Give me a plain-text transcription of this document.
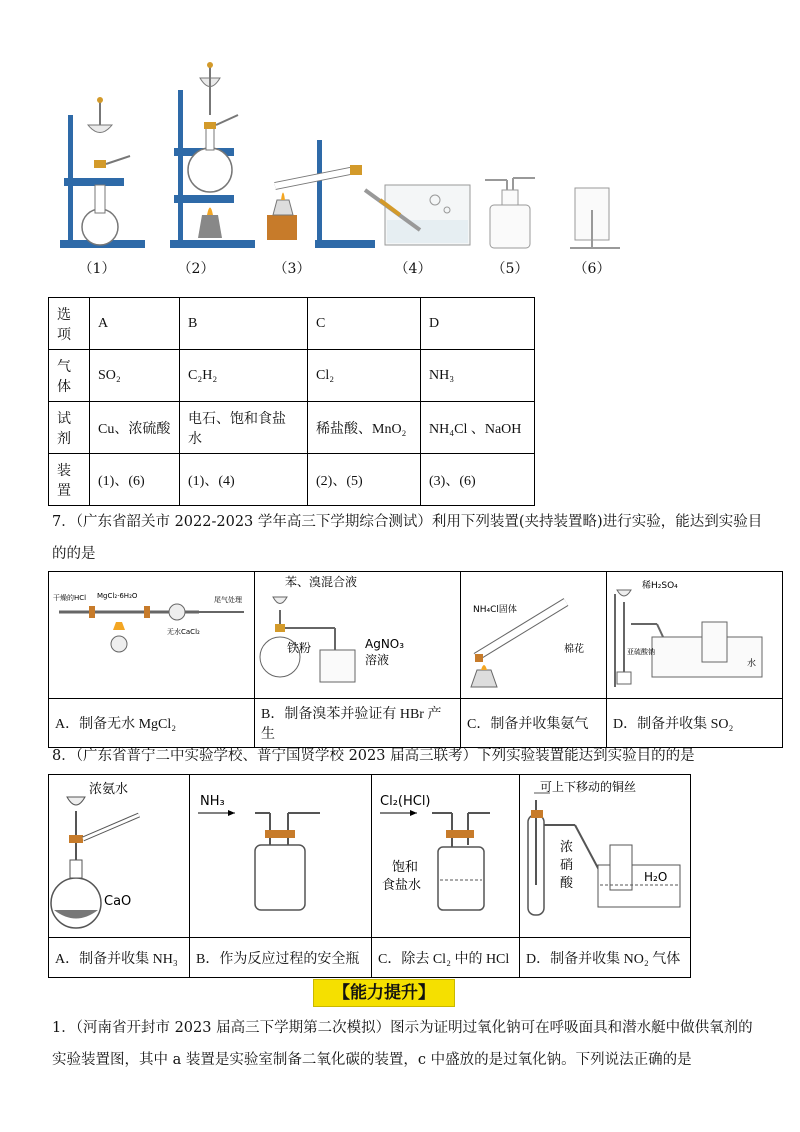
（1）	（2）	（3）	（4）	（5）	（6）
选项	A	B	C	D
气体	SO₂	C₂H₂	Cl₂	NH₃
试剂	Cu、浓硫酸	电石、饱和食盐水	稀盐酸、MnO₂	NH₄Cl 、NaOH
装置	(1)、(6)	(1)、(4)	(2)、(5)	(3)、(6)
7．（广东省韶关市 2022-2023 学年高三下学期综合测试）利用下列装置(夹持装置略)进行实验，能达到实验目
的的是
干燥的HCl MgCl₂·6H₂O
无水CaCl₂
尾气处理	苯、溴混合液
铁粉 AgNO₃
溶液	NH₄Cl固体
棉花	稀H₂SO₄
亚硫酸钠
水

A．制备无水 MgCl₂	B．制备溴苯并验证有 HBr 产生	C．制备并收集氨气	D．制备并收集 SO₂
8．（广东省普宁二中实验学校、普宁国贤学校 2023 届高三联考）下列实验装置能达到实验目的的是
浓氨水
CaO	NH₃	Cl₂(HCl)
饱和
食盐水	可上下移动的铜丝
浓
硝
酸 H₂O

A．制备并收集 NH₃	B．作为反应过程的安全瓶	C．除去 Cl₂ 中的 HCl	D．制备并收集 NO₂ 气体
【能力提升】
1．（河南省开封市 2023 届高三下学期第二次模拟）图示为证明过氧化钠可在呼吸面具和潜水艇中做供氧剂的
实验装置图，其中 a 装置是实验室制备二氧化碳的装置，c 中盛放的是过氧化钠。下列说法正确的是
